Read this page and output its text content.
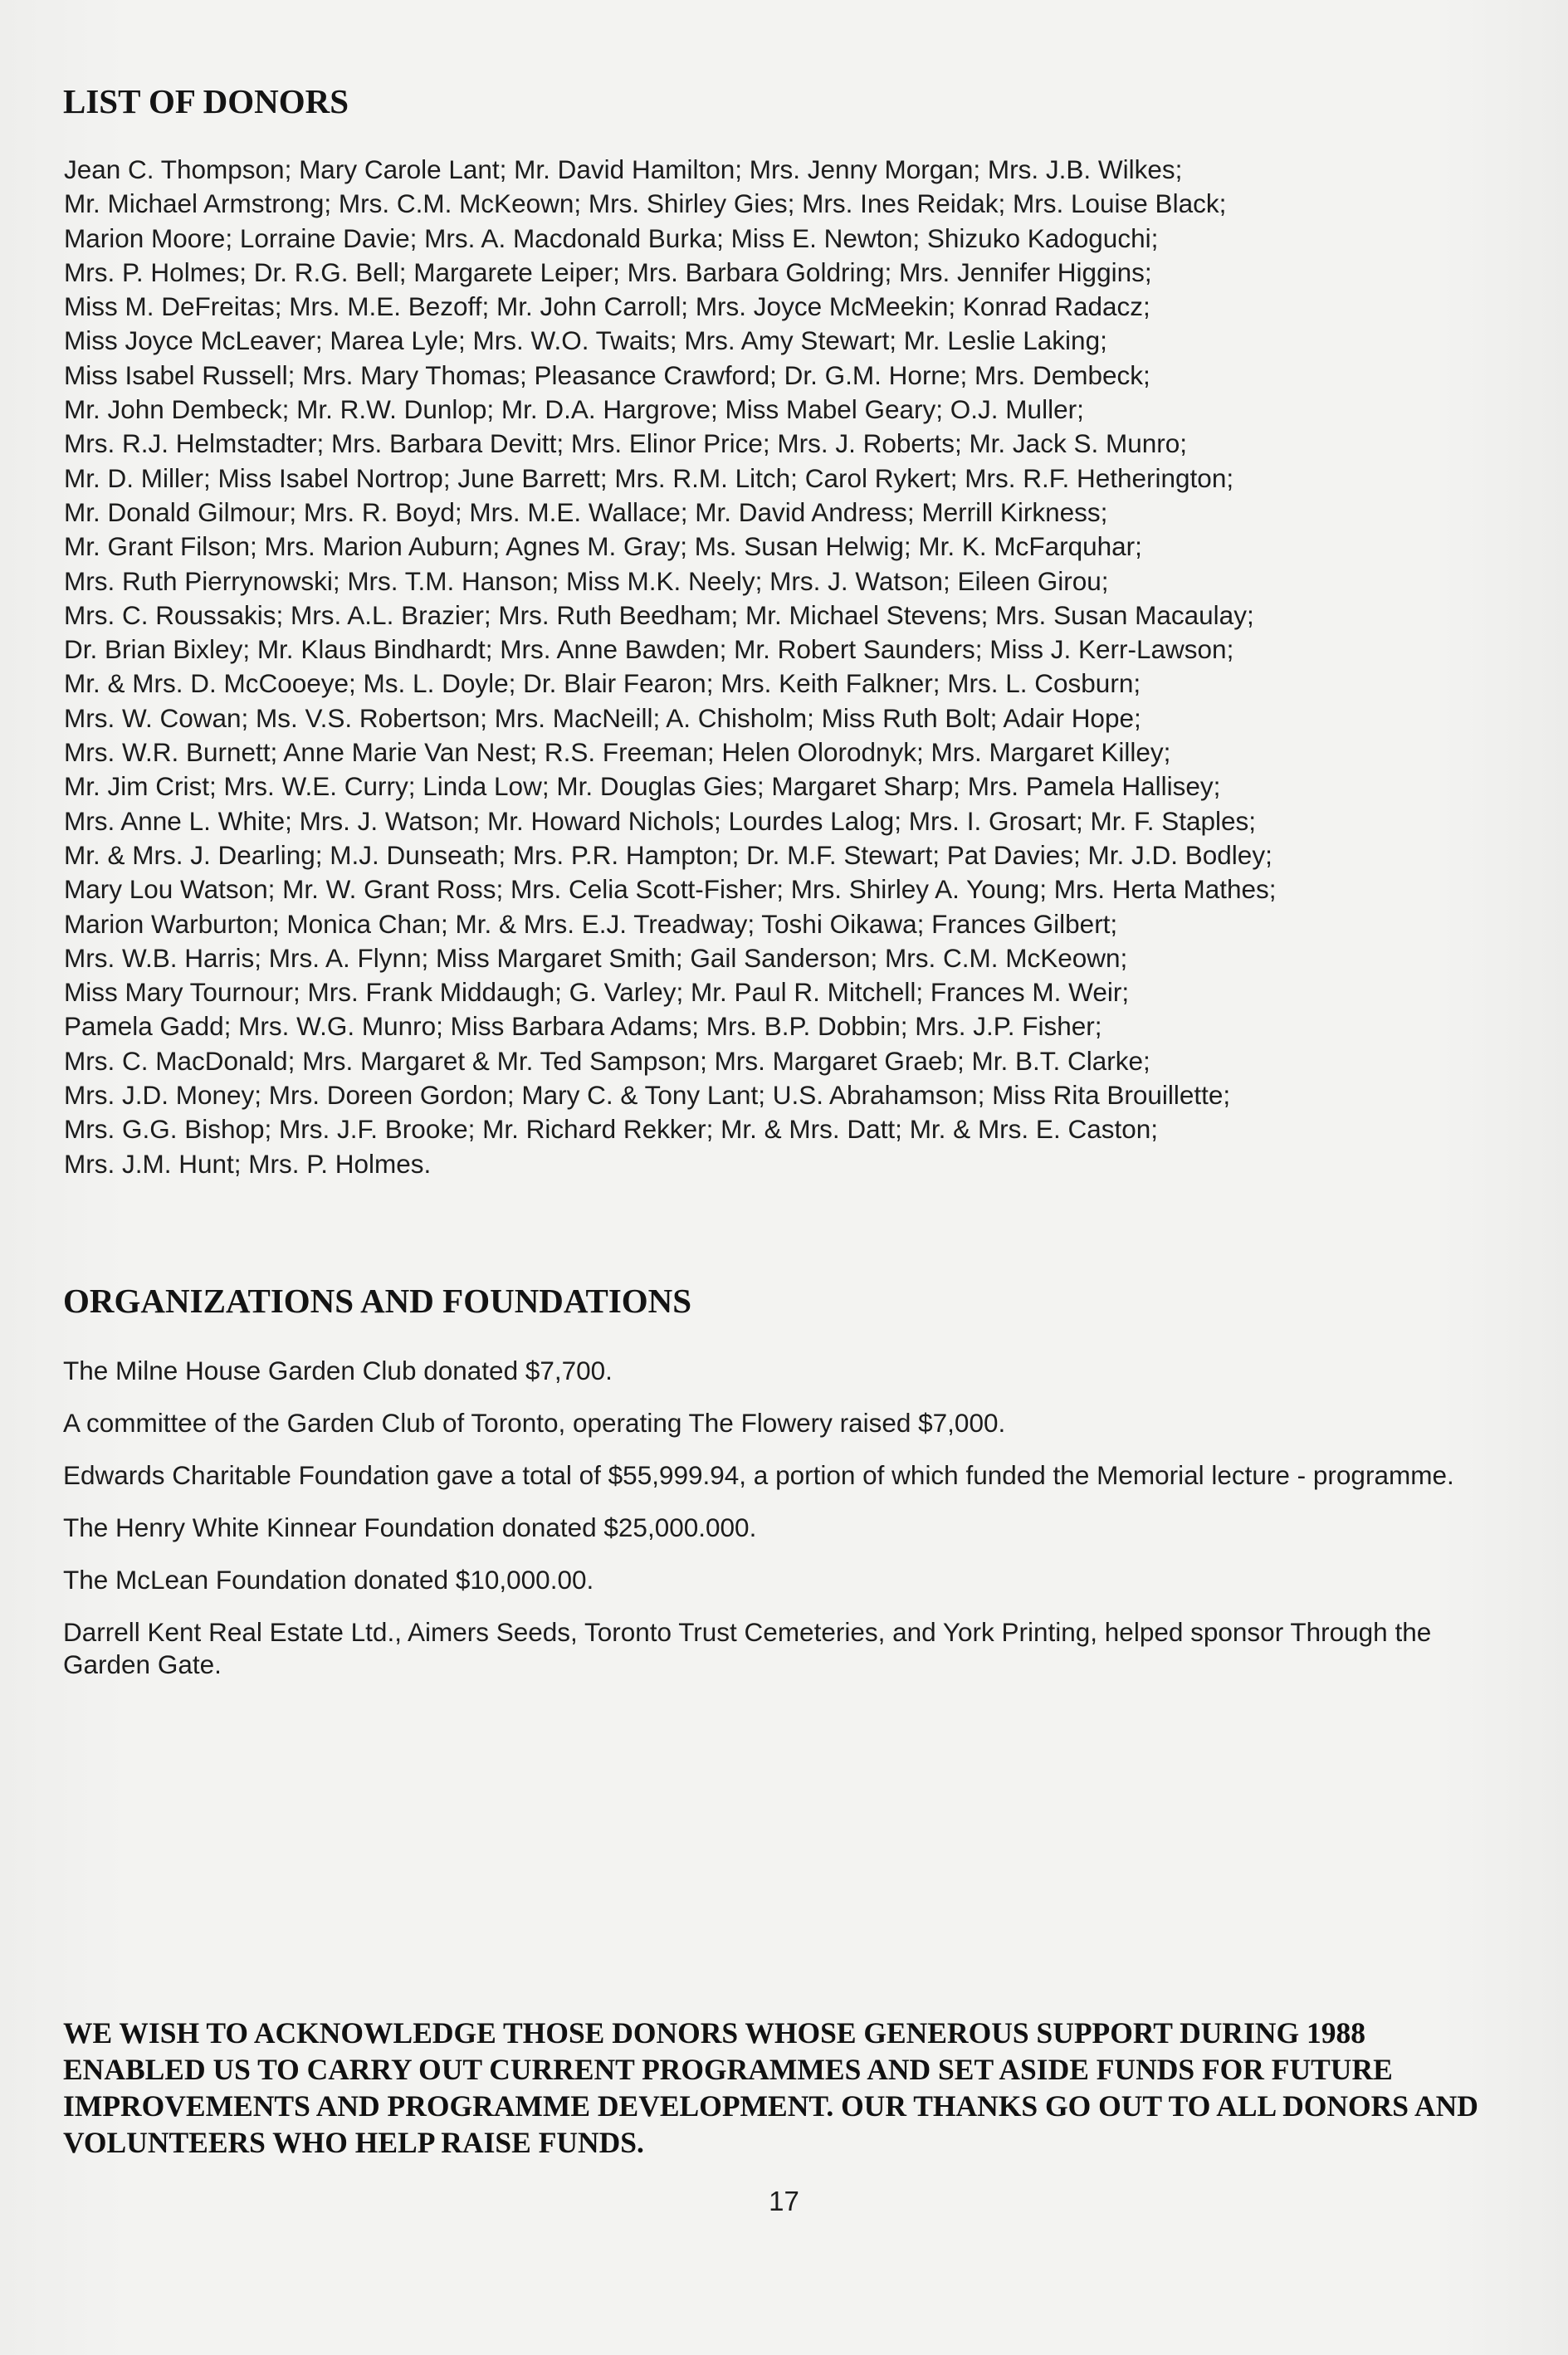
LIST OF DONORS
Jean C. Thompson; Mary Carole Lant; Mr. David Hamilton; Mrs. Jenny Morgan; Mrs. J.B. Wilkes;
Mr. Michael Armstrong; Mrs. C.M. McKeown; Mrs. Shirley Gies; Mrs. Ines Reidak; Mrs. Louise Black;
Marion Moore; Lorraine Davie; Mrs. A. Macdonald Burka; Miss E. Newton; Shizuko Kadoguchi;
Mrs. P. Holmes; Dr. R.G. Bell; Margarete Leiper; Mrs. Barbara Goldring; Mrs. Jennifer Higgins;
Miss M. DeFreitas; Mrs. M.E. Bezoff; Mr. John Carroll; Mrs. Joyce McMeekin; Konrad Radacz;
Miss Joyce McLeaver; Marea Lyle; Mrs. W.O. Twaits; Mrs. Amy Stewart; Mr. Leslie Laking;
Miss Isabel Russell; Mrs. Mary Thomas; Pleasance Crawford; Dr. G.M. Horne; Mrs. Dembeck;
Mr. John Dembeck; Mr. R.W. Dunlop; Mr. D.A. Hargrove; Miss Mabel Geary; O.J. Muller;
Mrs. R.J. Helmstadter; Mrs. Barbara Devitt; Mrs. Elinor Price; Mrs. J. Roberts; Mr. Jack S. Munro;
Mr. D. Miller; Miss Isabel Nortrop; June Barrett; Mrs. R.M. Litch; Carol Rykert; Mrs. R.F. Hetherington;
Mr. Donald Gilmour; Mrs. R. Boyd; Mrs. M.E. Wallace; Mr. David Andress; Merrill Kirkness;
Mr. Grant Filson; Mrs. Marion Auburn; Agnes M. Gray; Ms. Susan Helwig; Mr. K. McFarquhar;
Mrs. Ruth Pierrynowski; Mrs. T.M. Hanson; Miss M.K. Neely; Mrs. J. Watson; Eileen Girou;
Mrs. C. Roussakis; Mrs. A.L. Brazier; Mrs. Ruth Beedham; Mr. Michael Stevens; Mrs. Susan Macaulay;
Dr. Brian Bixley; Mr. Klaus Bindhardt; Mrs. Anne Bawden; Mr. Robert Saunders; Miss J. Kerr-Lawson;
Mr. & Mrs. D. McCooeye; Ms. L. Doyle; Dr. Blair Fearon; Mrs. Keith Falkner; Mrs. L. Cosburn;
Mrs. W. Cowan; Ms. V.S. Robertson; Mrs. MacNeill; A. Chisholm; Miss Ruth Bolt; Adair Hope;
Mrs. W.R. Burnett; Anne Marie Van Nest; R.S. Freeman; Helen Olorodnyk; Mrs. Margaret Killey;
Mr. Jim Crist; Mrs. W.E. Curry; Linda Low; Mr. Douglas Gies; Margaret Sharp; Mrs. Pamela Hallisey;
Mrs. Anne L. White; Mrs. J. Watson; Mr. Howard Nichols; Lourdes Lalog; Mrs. I. Grosart; Mr. F. Staples;
Mr. & Mrs. J. Dearling; M.J. Dunseath; Mrs. P.R. Hampton; Dr. M.F. Stewart; Pat Davies; Mr. J.D. Bodley;
Mary Lou Watson; Mr. W. Grant Ross; Mrs. Celia Scott-Fisher; Mrs. Shirley A. Young; Mrs. Herta Mathes;
Marion Warburton; Monica Chan; Mr. & Mrs. E.J. Treadway; Toshi Oikawa; Frances Gilbert;
Mrs. W.B. Harris; Mrs. A. Flynn; Miss Margaret Smith; Gail Sanderson; Mrs. C.M. McKeown;
Miss Mary Tournour; Mrs. Frank Middaugh; G. Varley; Mr. Paul R. Mitchell; Frances M. Weir;
Pamela Gadd; Mrs. W.G. Munro; Miss Barbara Adams; Mrs. B.P. Dobbin; Mrs. J.P. Fisher;
Mrs. C. MacDonald; Mrs. Margaret & Mr. Ted Sampson; Mrs. Margaret Graeb; Mr. B.T. Clarke;
Mrs. J.D. Money; Mrs. Doreen Gordon; Mary C. & Tony Lant; U.S. Abrahamson; Miss Rita Brouillette;
Mrs. G.G. Bishop; Mrs. J.F. Brooke; Mr. Richard Rekker; Mr. & Mrs. Datt; Mr. & Mrs. E. Caston;
Mrs. J.M. Hunt; Mrs. P. Holmes.
ORGANIZATIONS AND FOUNDATIONS

The Milne House Garden Club donated $7,700.

A committee of the Garden Club of Toronto, operating The Flowery raised $7,000.

Edwards Charitable Foundation gave a total of $55,999.94, a portion of which funded the Memorial lecture - programme.

The Henry White Kinnear Foundation donated $25,000.000.

The McLean Foundation donated $10,000.00.

Darrell Kent Real Estate Ltd., Aimers Seeds, Toronto Trust Cemeteries, and York Printing, helped sponsor Through the Garden Gate.

WE WISH TO ACKNOWLEDGE THOSE DONORS WHOSE GENEROUS SUPPORT DURING 1988 ENABLED US TO CARRY OUT CURRENT PROGRAMMES AND SET ASIDE FUNDS FOR FUTURE IMPROVEMENTS AND PROGRAMME DEVELOPMENT. OUR THANKS GO OUT TO ALL DONORS AND VOLUNTEERS WHO HELP RAISE FUNDS.

17
